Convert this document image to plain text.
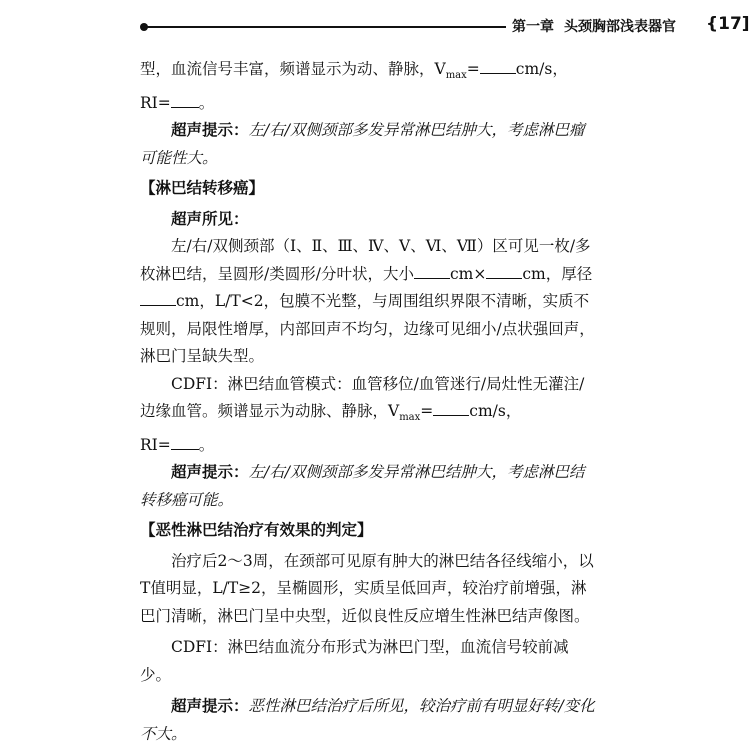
第一章 头颈胸部浅表器官 {17]

型，血流信号丰富，频谱显示为动、静脉，$V_{max}= cm/s$，
RI= 。

超声提示：左/右/双侧颈部多发异常淋巴结肿大，考虑淋巴瘤可能性大。

【淋巴结转移癌】

超声所见：

左/右/双侧颈部（Ⅰ、Ⅱ、Ⅲ、Ⅳ、Ⅴ、Ⅵ、Ⅶ）区可见一枚/多枚淋巴结，呈圆形/类圆形/分叶状，大小 cm× cm，厚径cm，L/T<2，包膜不光整，与周围组织界限不清晰，实质不规则，局限性增厚，内部回声不均匀，边缘可见细小/点状强回声，淋巴门呈缺失型。

CDFI：淋巴结血管模式：血管移位/血管迷行/局灶性无灌注/边缘血管。频谱显示为动脉、静脉，$V_{max}= cm/s$，
RI= 。

超声提示：左/右/双侧颈部多发异常淋巴结肿大，考虑淋巴结转移癌可能。

【恶性淋巴结治疗有效果的判定】

治疗后2～3周，在颈部可见原有肿大的淋巴结各径线缩小，以T值明显，L/T≥2，呈椭圆形，实质呈低回声，较治疗前增强，淋巴门清晰，淋巴门呈中央型，近似良性反应增生性淋巴结声像图。

CDFI：淋巴结血流分布形式为淋巴门型，血流信号较前减少。

超声提示：恶性淋巴结治疗后所见，较治疗前有明显好转/变化不大。
